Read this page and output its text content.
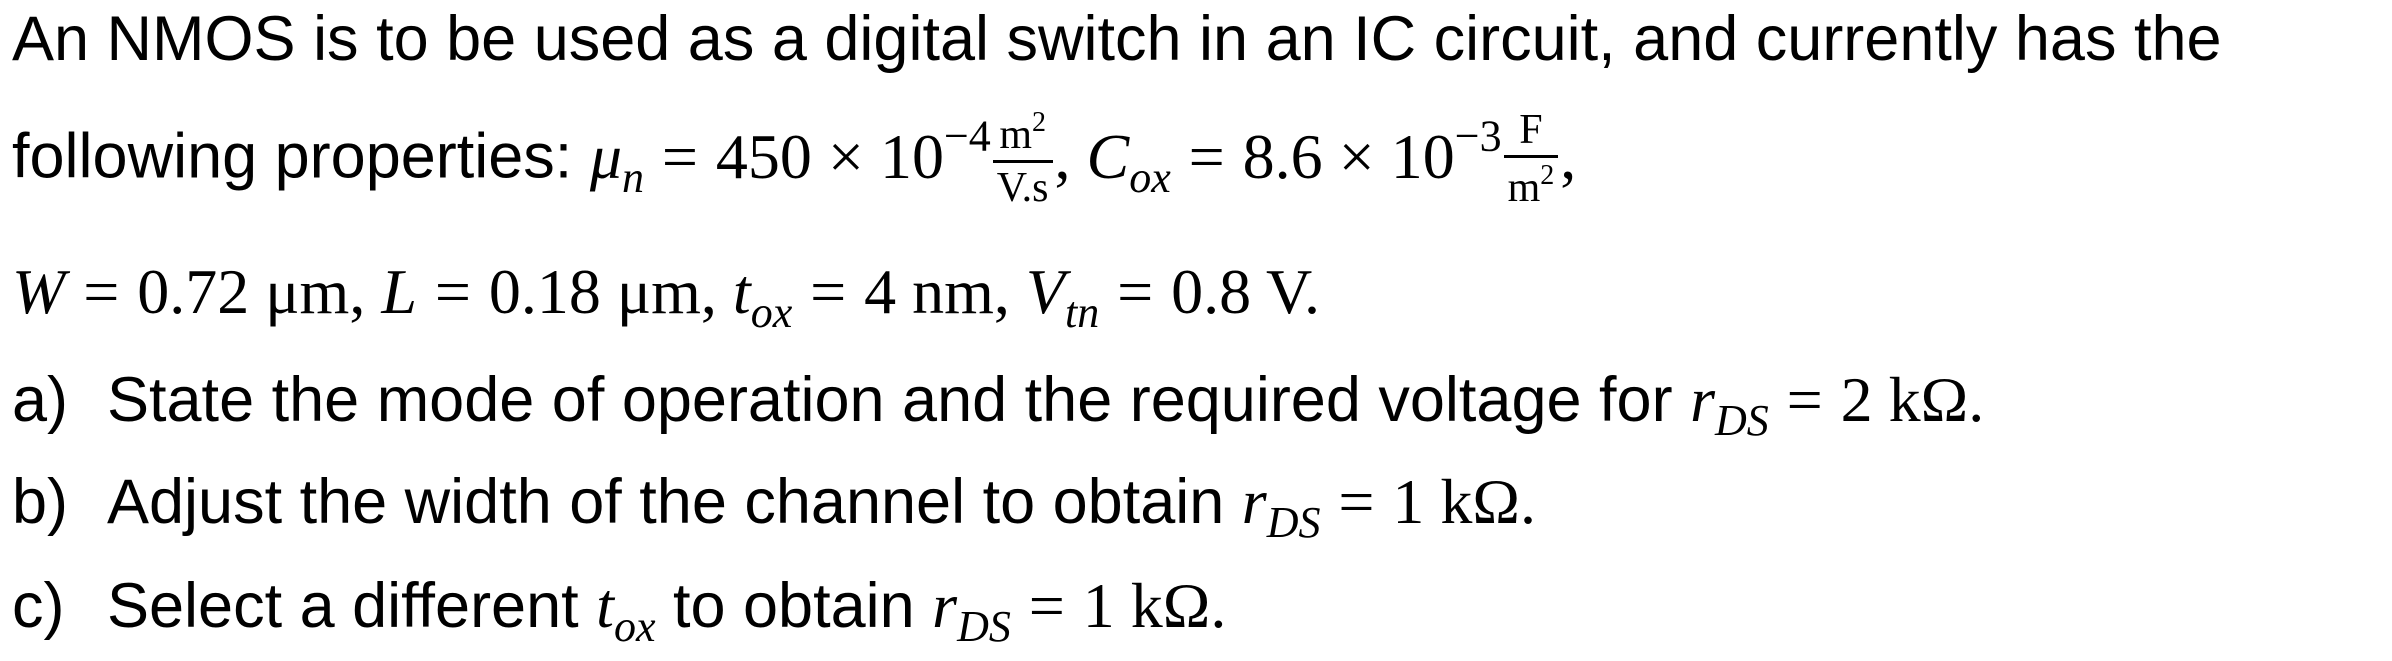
An NMOS is to be used as a digital switch in an IC circuit, and currently has the
following properties: $\mu_n = 450 \times 10^{-4} \frac{m^2}{V.s}$ , $C_{ox} = 8.6 \times 10^{-3} \frac{F}{m^2}$ ,
W = 0.72 μm, L = 0.18 μm, $t_{ox} = 4$ nm, $V_{tn} = 0.8$ V.
a) State the mode of operation and the required voltage for $r_{DS} = 2$ kΩ.
b) Adjust the width of the channel to obtain $r_{DS} = 1$ kΩ.
c) Select a different $t_{ox}$ to obtain $r_{DS} = 1$ kΩ.
